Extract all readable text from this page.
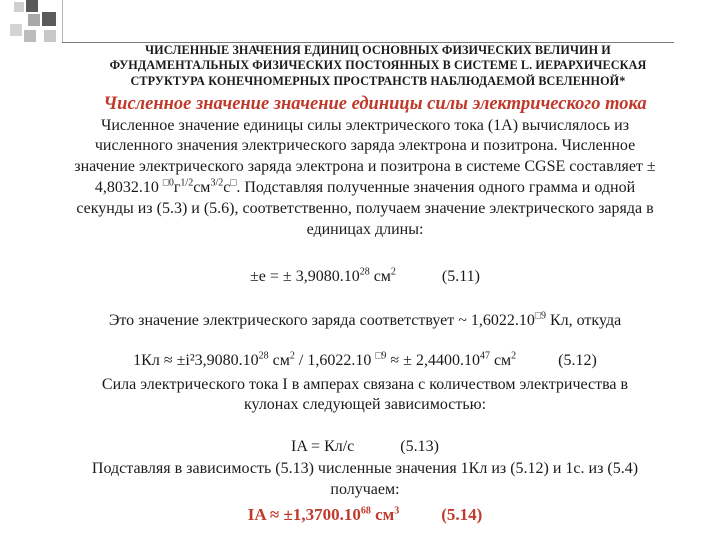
ЧИСЛЕННЫЕ ЗНАЧЕНИЯ ЕДИНИЦ ОСНОВНЫХ ФИЗИЧЕСКИХ ВЕЛИЧИН И
ФУНДАМЕНТАЛЬНЫХ ФИЗИЧЕСКИХ ПОСТОЯННЫХ В СИСТЕМЕ L. ИЕРАРХИЧЕСКАЯ
СТРУКТУРА КОНЕЧНОМЕРНЫХ ПРОСТРАНСТВ НАБЛЮДАЕМОЙ ВСЕЛЕННОЙ*
Численное значение значение единицы силы электрического тока
Численное значение единицы силы электрического тока (1А) вычислялось из
численного значения электрического заряда электрона и позитрона. Численное
значение электрического заряда электрона и позитрона в системе CGSE составляет ±
4,8032.10 $^{□0}г^{1/2}см^{3/2}с^□$. Подставляя полученные значения одного грамма и одной
секунды из (5.3) и (5.6), соответственно, получаем значение электрического заряда в
единицах длины:
±e = ± $3,9080.10^{28}$ $см^2$	(5.11)
Это значение электрического заряда соответствует ~ $1,6022.10^{□9}$ Кл, откуда
$1Кл \approx \pm i^23,9080.10^{28}$ $см^2 / 1,6022.10$ $^{□9}$ ≈ ± $2,4400.10^{47}$ $см^2$	(5.12)
Сила электрического тока I в амперах связана с количеством электричества в
кулонах следующей зависимостью:
IA = Кл/с	(5.13)
Подставляя в зависимость (5.13) численные значения 1Кл из (5.12) и 1с. из (5.4)
получаем:
IA ≈ $\pm 1,3700.10^{68}$ $см^3$ (5.14)
